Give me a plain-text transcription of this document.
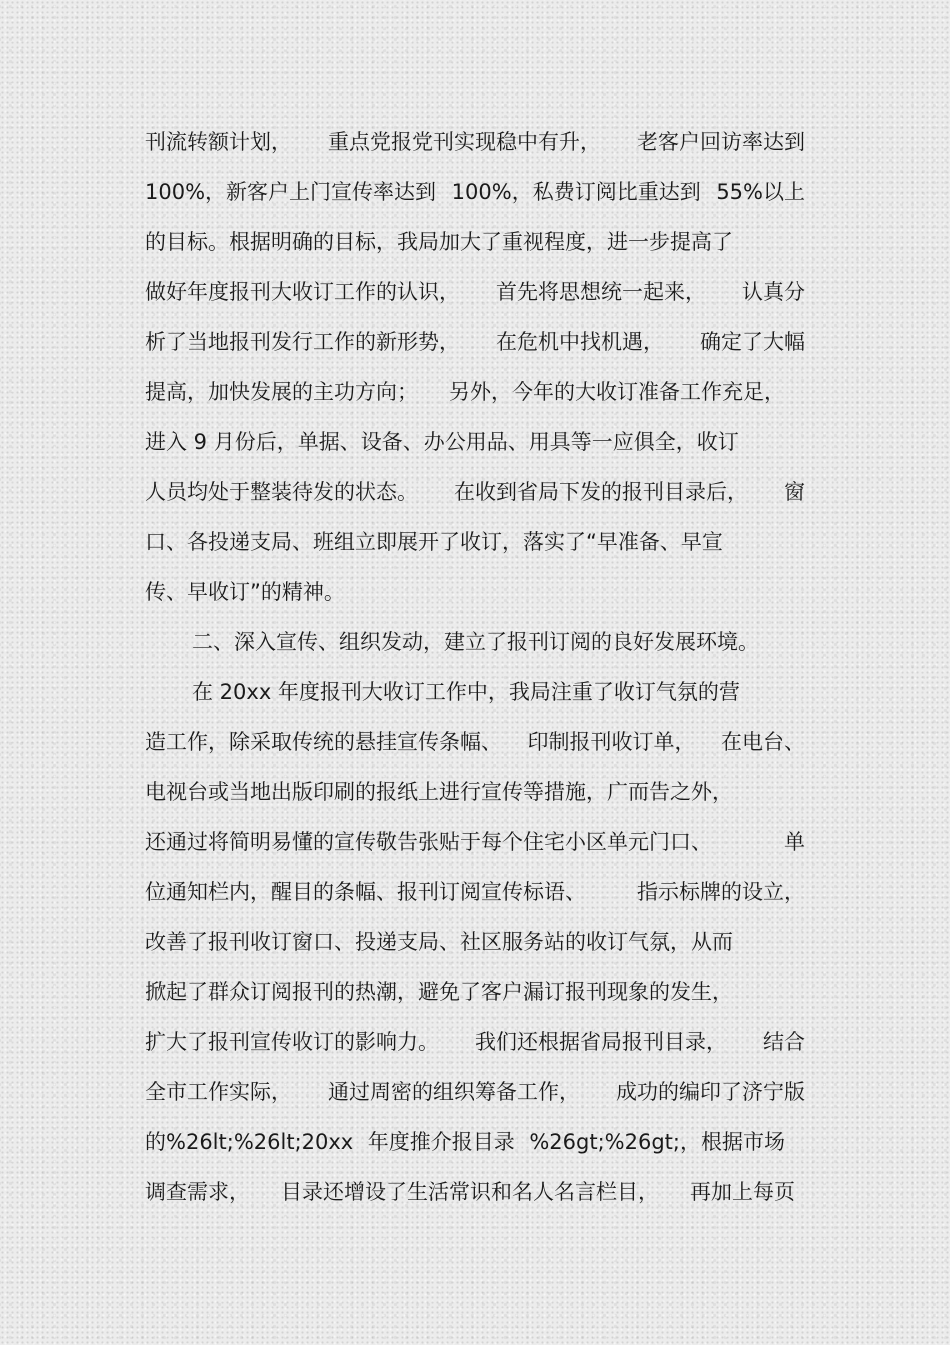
刊流转额计划， 重点党报党刊实现稳中有升， 老客户回访率达到
100%，新客户上门宣传率达到 100%，私费订阅比重达到 55%以上
的目标。根据明确的目标，我局加大了重视程度，进一步提高了
做好年度报刊大收订工作的认识， 首先将思想统一起来， 认真分
析了当地报刊发行工作的新形势， 在危机中找机遇， 确定了大幅
提高，加快发展的主功方向； 另外，今年的大收订准备工作充足，
进入 9 月份后，单据、设备、办公用品、用具等一应俱全，收订
人员均处于整装待发的状态。 在收到省局下发的报刊目录后， 窗
口、各投递支局、班组立即展开了收订，落实了“早准备、早宣
传、早收订”的精神。
二、深入宣传、组织发动，建立了报刊订阅的良好发展环境。
在 20xx 年度报刊大收订工作中，我局注重了收订气氛的营
造工作，除采取传统的悬挂宣传条幅、 印制报刊收订单， 在电台、
电视台或当地出版印刷的报纸上进行宣传等措施，广而告之外，
还通过将简明易懂的宣传敬告张贴于每个住宅小区单元门口、	单
位通知栏内，醒目的条幅、报刊订阅宣传标语、 指示标牌的设立，
改善了报刊收订窗口、投递支局、社区服务站的收订气氛，从而
掀起了群众订阅报刊的热潮，避免了客户漏订报刊现象的发生，
扩大了报刊宣传收订的影响力。 我们还根据省局报刊目录， 结合
全市工作实际， 通过周密的组织筹备工作， 成功的编印了济宁版
的%26lt;%26lt;20xx 年度推介报目录 %26gt;%26gt;，根据市场
调查需求， 目录还增设了生活常识和名人名言栏目， 再加上每页
